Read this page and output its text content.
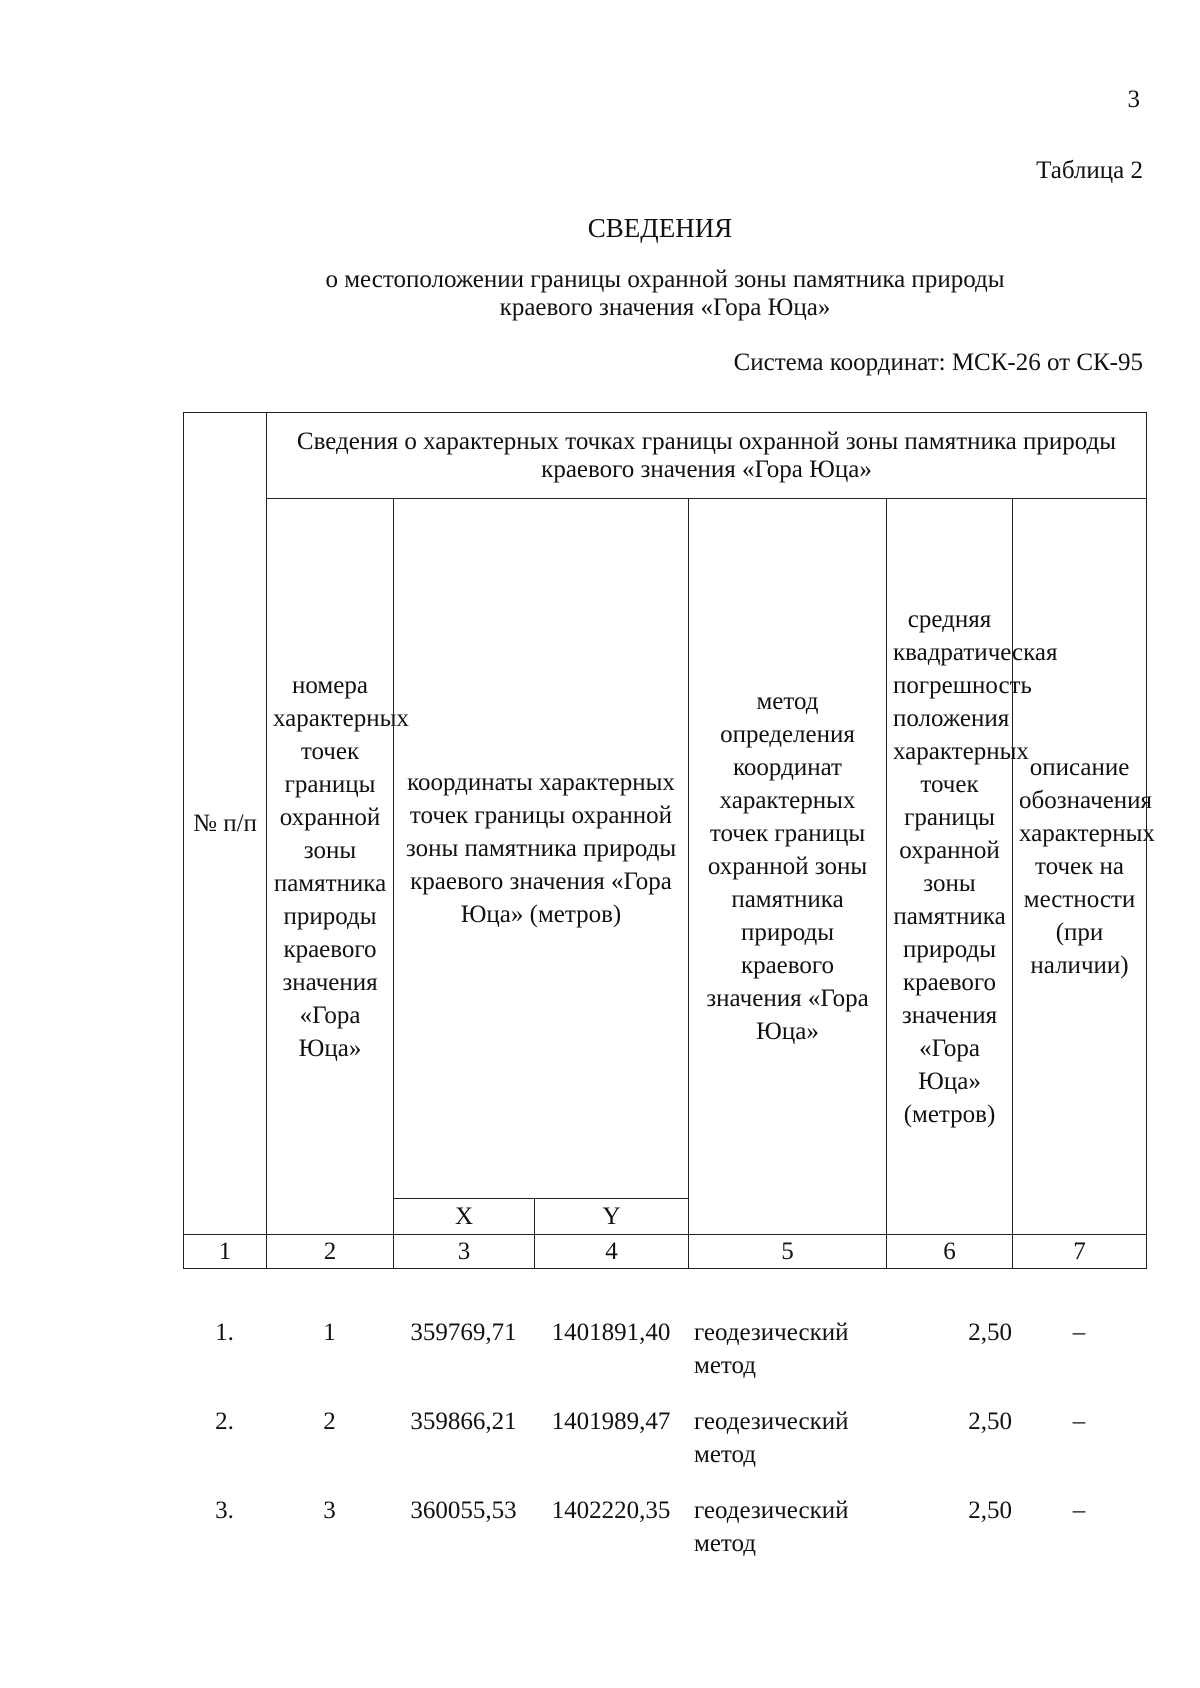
3
Таблица 2
СВЕДЕНИЯ
о местоположении границы охранной зоны памятника природы
краевого значения «Гора Юца»
Система координат: МСК-26 от СК-95
№ п/п	Сведения о характерных точках границы охранной зоны памятника природы краевого значения «Гора Юца»					

	номера характерных точек границы охранной зоны памятника природы краевого значения «Гора Юца»	координаты характерных точек границы охранной зоны памятника природы краевого значения «Гора Юца» (метров)		метод определения координат характерных точек границы охранной зоны памятника природы краевого значения «Гора Юца»	средняя квадратическая погрешность положения характерных точек границы охранной зоны памятника природы краевого значения «Гора Юца» (метров)	описание обозначения характерных точек на местности (при наличии)

		X	Y			
1	2	3	4	5	6	7
1.	1	359769,71	1401891,40	геодезический метод	2,50	–
2.	2	359866,21	1401989,47	геодезический метод	2,50	–
3.	3	360055,53	1402220,35	геодезический метод	2,50	–
